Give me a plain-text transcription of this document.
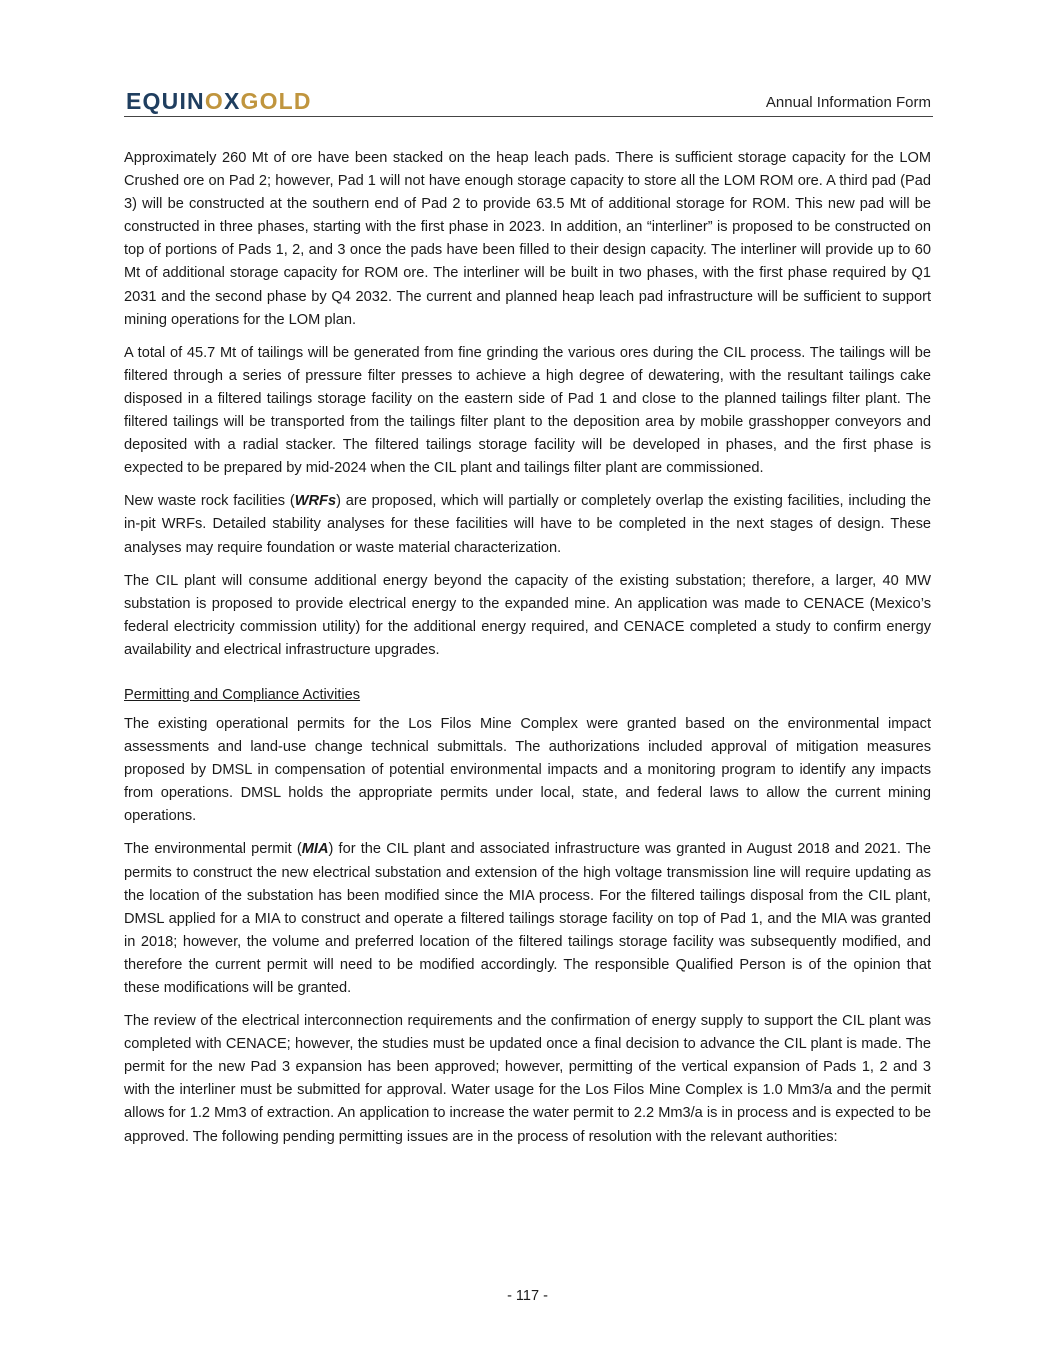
EQUINOXGOLD	Annual Information Form

Approximately 260 Mt of ore have been stacked on the heap leach pads. There is sufficient storage capacity for the LOM Crushed ore on Pad 2; however, Pad 1 will not have enough storage capacity to store all the LOM ROM ore. A third pad (Pad 3) will be constructed at the southern end of Pad 2 to provide 63.5 Mt of additional storage for ROM. This new pad will be constructed in three phases, starting with the first phase in 2023. In addition, an “interliner” is proposed to be constructed on top of portions of Pads 1, 2, and 3 once the pads have been filled to their design capacity. The interliner will provide up to 60 Mt of additional storage capacity for ROM ore. The interliner will be built in two phases, with the first phase required by Q1 2031 and the second phase by Q4 2032. The current and planned heap leach pad infrastructure will be sufficient to support mining operations for the LOM plan.

A total of 45.7 Mt of tailings will be generated from fine grinding the various ores during the CIL process. The tailings will be filtered through a series of pressure filter presses to achieve a high degree of dewatering, with the resultant tailings cake disposed in a filtered tailings storage facility on the eastern side of Pad 1 and close to the planned tailings filter plant. The filtered tailings will be transported from the tailings filter plant to the deposition area by mobile grasshopper conveyors and deposited with a radial stacker. The filtered tailings storage facility will be developed in phases, and the first phase is expected to be prepared by mid-2024 when the CIL plant and tailings filter plant are commissioned.

New waste rock facilities (WRFs) are proposed, which will partially or completely overlap the existing facilities, including the in-pit WRFs. Detailed stability analyses for these facilities will have to be completed in the next stages of design. These analyses may require foundation or waste material characterization.

The CIL plant will consume additional energy beyond the capacity of the existing substation; therefore, a larger, 40 MW substation is proposed to provide electrical energy to the expanded mine. An application was made to CENACE (Mexico’s federal electricity commission utility) for the additional energy required, and CENACE completed a study to confirm energy availability and electrical infrastructure upgrades.

Permitting and Compliance Activities

The existing operational permits for the Los Filos Mine Complex were granted based on the environmental impact assessments and land-use change technical submittals. The authorizations included approval of mitigation measures proposed by DMSL in compensation of potential environmental impacts and a monitoring program to identify any impacts from operations. DMSL holds the appropriate permits under local, state, and federal laws to allow the current mining operations.

The environmental permit (MIA) for the CIL plant and associated infrastructure was granted in August 2018 and 2021. The permits to construct the new electrical substation and extension of the high voltage transmission line will require updating as the location of the substation has been modified since the MIA process. For the filtered tailings disposal from the CIL plant, DMSL applied for a MIA to construct and operate a filtered tailings storage facility on top of Pad 1, and the MIA was granted in 2018; however, the volume and preferred location of the filtered tailings storage facility was subsequently modified, and therefore the current permit will need to be modified accordingly. The responsible Qualified Person is of the opinion that these modifications will be granted.

The review of the electrical interconnection requirements and the confirmation of energy supply to support the CIL plant was completed with CENACE; however, the studies must be updated once a final decision to advance the CIL plant is made. The permit for the new Pad 3 expansion has been approved; however, permitting of the vertical expansion of Pads 1, 2 and 3 with the interliner must be submitted for approval. Water usage for the Los Filos Mine Complex is 1.0 Mm3/a and the permit allows for 1.2 Mm3 of extraction. An application to increase the water permit to 2.2 Mm3/a is in process and is expected to be approved. The following pending permitting issues are in the process of resolution with the relevant authorities:

- 117 -
